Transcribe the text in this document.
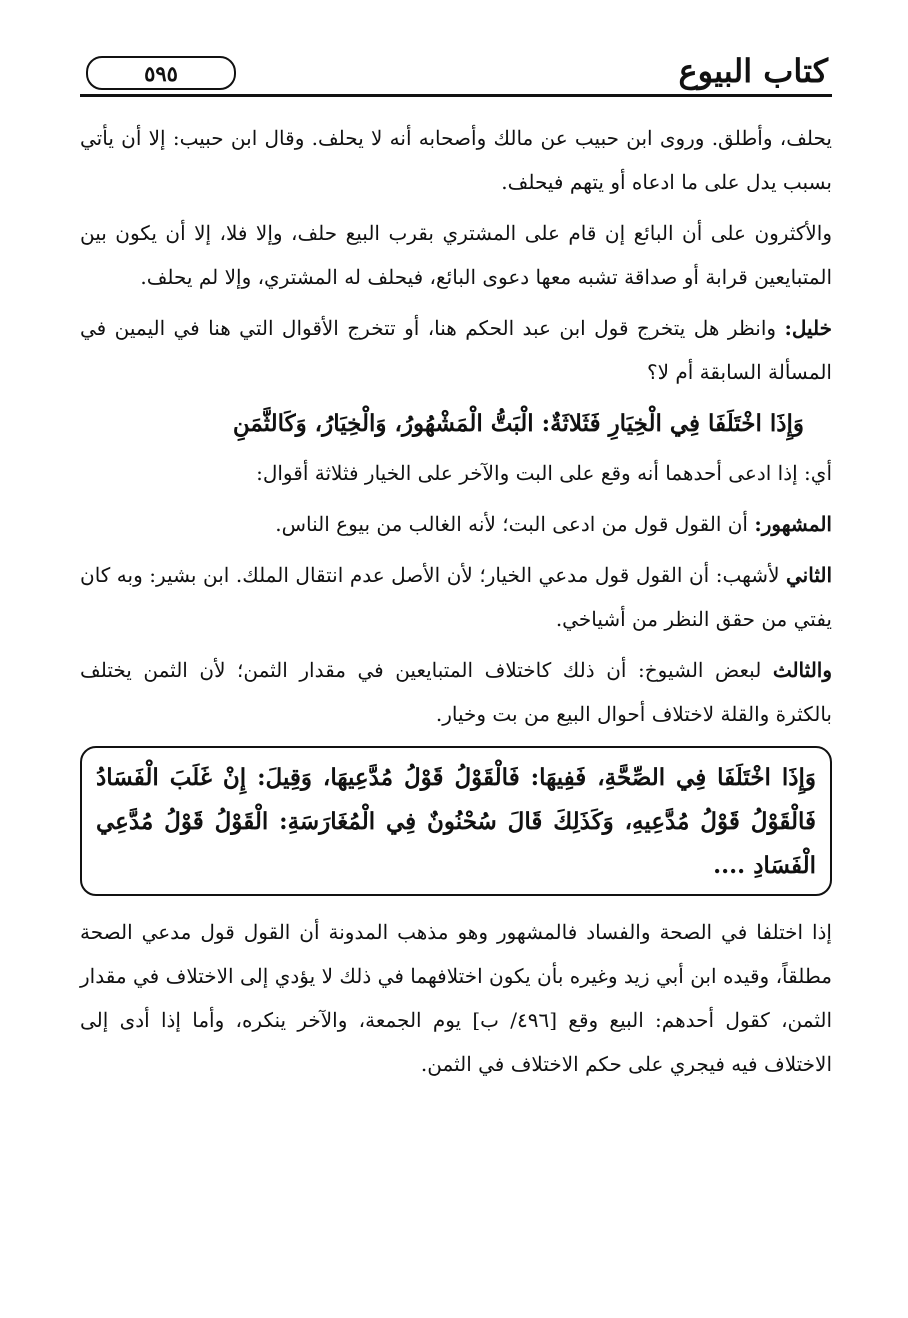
٥٩٥	كتاب البيوع

يحلف، وأطلق. وروى ابن حبيب عن مالك وأصحابه أنه لا يحلف. وقال ابن حبيب: إلا أن يأتي بسبب يدل على ما ادعاه أو يتهم فيحلف.

والأكثرون على أن البائع إن قام على المشتري بقرب البيع حلف، وإلا فلا، إلا أن يكون بين المتبايعين قرابة أو صداقة تشبه معها دعوى البائع، فيحلف له المشتري، وإلا لم يحلف.

خليل: وانظر هل يتخرج قول ابن عبد الحكم هنا، أو تتخرج الأقوال التي هنا في اليمين في المسألة السابقة أم لا؟

وَإِذَا اخْتَلَفَا فِي الْخِيَارِ فَثَلاثَةٌ: الْبَتُّ الْمَشْهُورُ، وَالْخِيَارُ، وَكَالثَّمَنِ

أي: إذا ادعى أحدهما أنه وقع على البت والآخر على الخيار فثلاثة أقوال:

المشهور: أن القول قول من ادعى البت؛ لأنه الغالب من بيوع الناس.

الثاني لأشهب: أن القول قول مدعي الخيار؛ لأن الأصل عدم انتقال الملك. ابن بشير: وبه كان يفتي من حقق النظر من أشياخي.

والثالث لبعض الشيوخ: أن ذلك كاختلاف المتبايعين في مقدار الثمن؛ لأن الثمن يختلف بالكثرة والقلة لاختلاف أحوال البيع من بت وخيار.

وَإِذَا اخْتَلَفَا فِي الصِّحَّةِ، فَفِيهَا: فَالْقَوْلُ قَوْلُ مُدَّعِيهَا، وَقِيلَ: إِنْ غَلَبَ الْفَسَادُ فَالْقَوْلُ قَوْلُ مُدَّعِيهِ، وَكَذَلِكَ قَالَ سُحْنُونٌ فِي الْمُغَارَسَةِ: الْقَوْلُ قَوْلُ مُدَّعِي الْفَسَادِ ....

إذا اختلفا في الصحة والفساد فالمشهور وهو مذهب المدونة أن القول قول مدعي الصحة مطلقاً، وقيده ابن أبي زيد وغيره بأن يكون اختلافهما في ذلك لا يؤدي إلى الاختلاف في مقدار الثمن، كقول أحدهم: البيع وقع [٤٩٦/ ب] يوم الجمعة، والآخر ينكره، وأما إذا أدى إلى الاختلاف فيه فيجري على حكم الاختلاف في الثمن.
